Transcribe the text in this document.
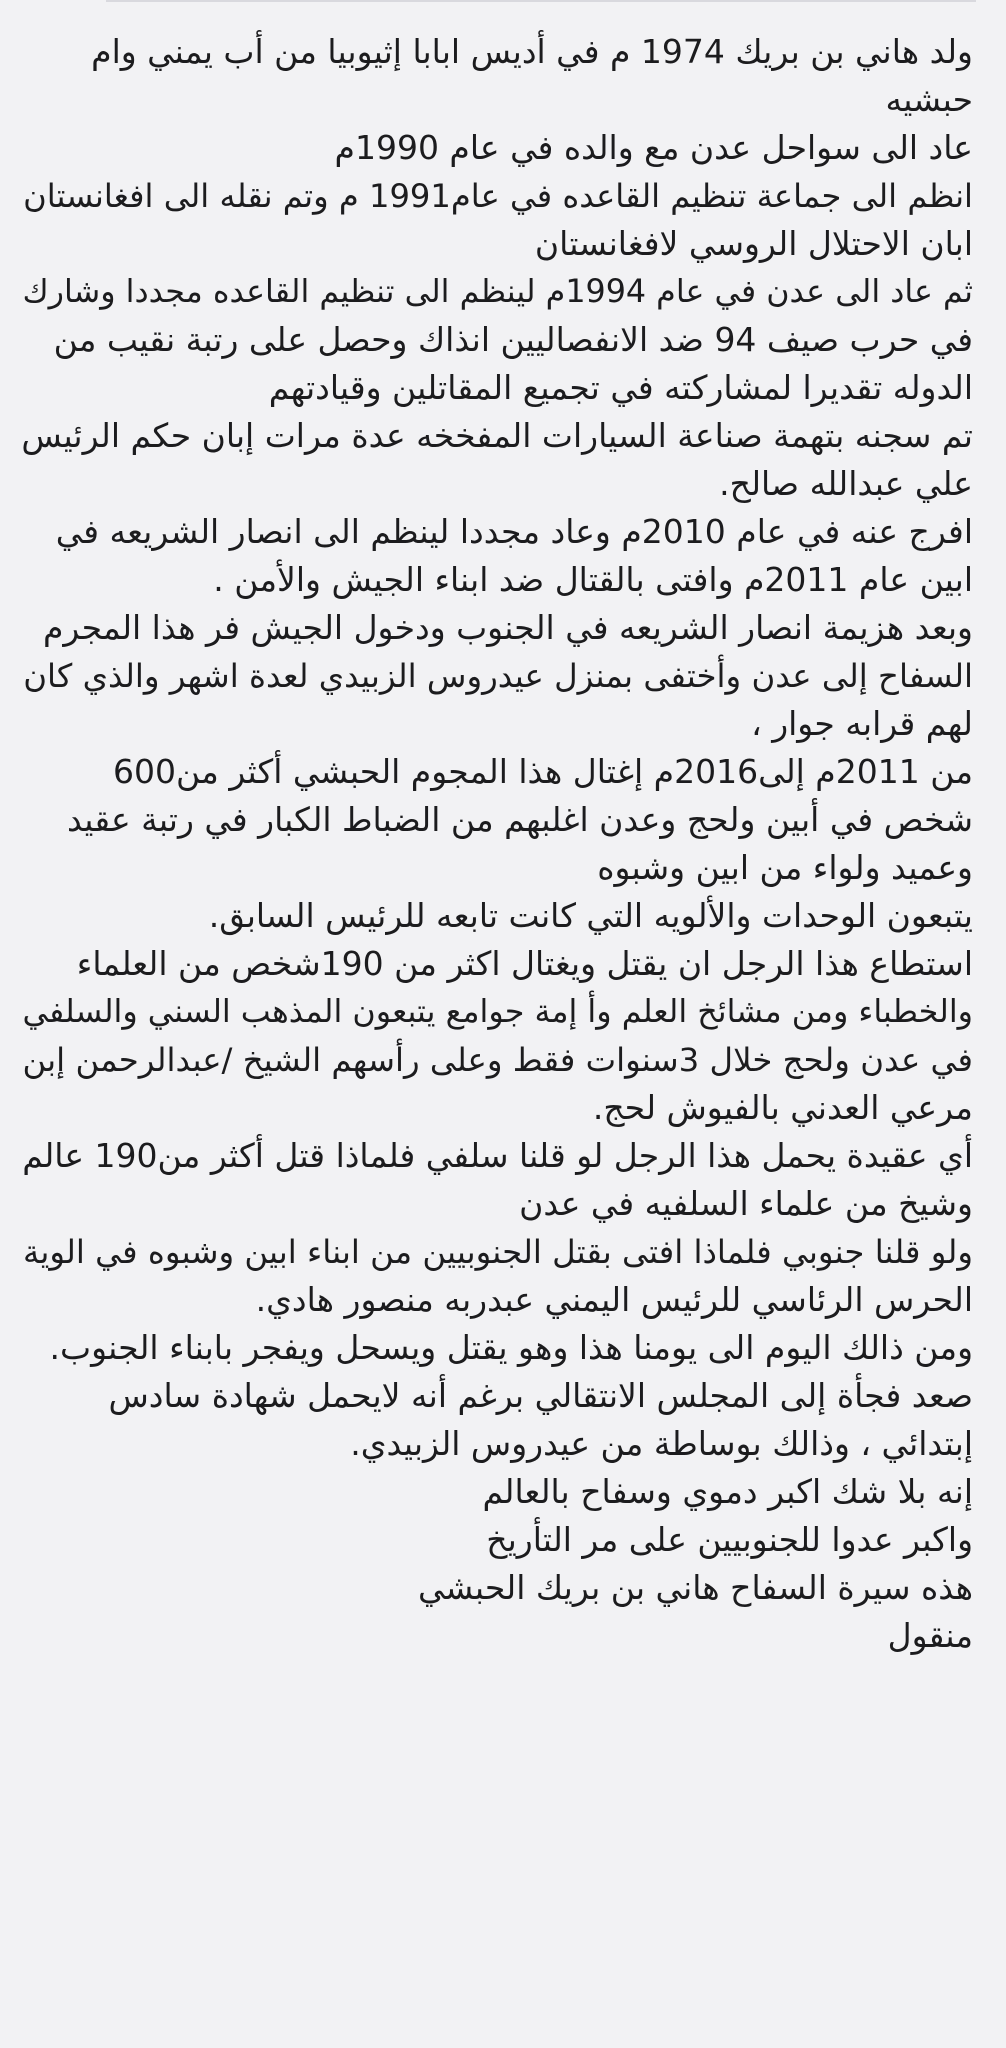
ولد هاني بن بريك 1974 م في أديس ابابا إثيوبيا من أب يمني وام
حبشيه
عاد الى سواحل عدن مع والده في عام 1990م
انظم الى جماعة تنظيم القاعده في عام1991 م وتم نقله الى افغانستان
ابان الاحتلال الروسي لافغانستان
ثم عاد الى عدن في عام 1994م لينظم الى تنظيم القاعده مجددا وشارك
في حرب صيف 94 ضد الانفصاليين انذاك وحصل على رتبة نقيب من
الدوله تقديرا لمشاركته في تجميع المقاتلين وقيادتهم
تم سجنه بتهمة صناعة السيارات المفخخه عدة مرات إبان حكم الرئيس
علي عبدالله صالح.
افرج عنه في عام 2010م وعاد مجددا لينظم الى انصار الشريعه في
ابين عام 2011م وافتى بالقتال ضد ابناء الجيش والأمن .
وبعد هزيمة انصار الشريعه في الجنوب ودخول الجيش فر هذا المجرم
السفاح إلى عدن وأختفى بمنزل عيدروس الزبيدي لعدة اشهر والذي كان
لهم قرابه جوار ،
من 2011م إلى2016م إغتال هذا المجوم الحبشي أكثر من600
شخص في أبين ولحج وعدن اغلبهم من الضباط الكبار في رتبة عقيد
وعميد ولواء من ابين وشبوه
يتبعون الوحدات والألويه التي كانت تابعه للرئيس السابق.
استطاع هذا الرجل ان يقتل ويغتال اكثر من 190شخص من العلماء
والخطباء ومن مشائخ العلم وأ إمة جوامع يتبعون المذهب السني والسلفي
في عدن ولحج خلال 3سنوات فقط وعلى رأسهم الشيخ /عبدالرحمن إبن
مرعي العدني بالفيوش لحج.
أي عقيدة يحمل هذا الرجل لو قلنا سلفي فلماذا قتل أكثر من190 عالم
وشيخ من علماء السلفيه في عدن
ولو قلنا جنوبي فلماذا افتى بقتل الجنوبيين من ابناء ابين وشبوه في الوية
الحرس الرئاسي للرئيس اليمني عبدربه منصور هادي.
ومن ذالك اليوم الى يومنا هذا وهو يقتل ويسحل ويفجر بابناء الجنوب.
صعد فجأة إلى المجلس الانتقالي برغم أنه لايحمل شهادة سادس
إبتدائي ، وذالك بوساطة من عيدروس الزبيدي.
إنه بلا شك اكبر دموي وسفاح بالعالم
واكبر عدوا للجنوبيين على مر التأريخ
هذه سيرة السفاح هاني بن بريك الحبشي
منقول
